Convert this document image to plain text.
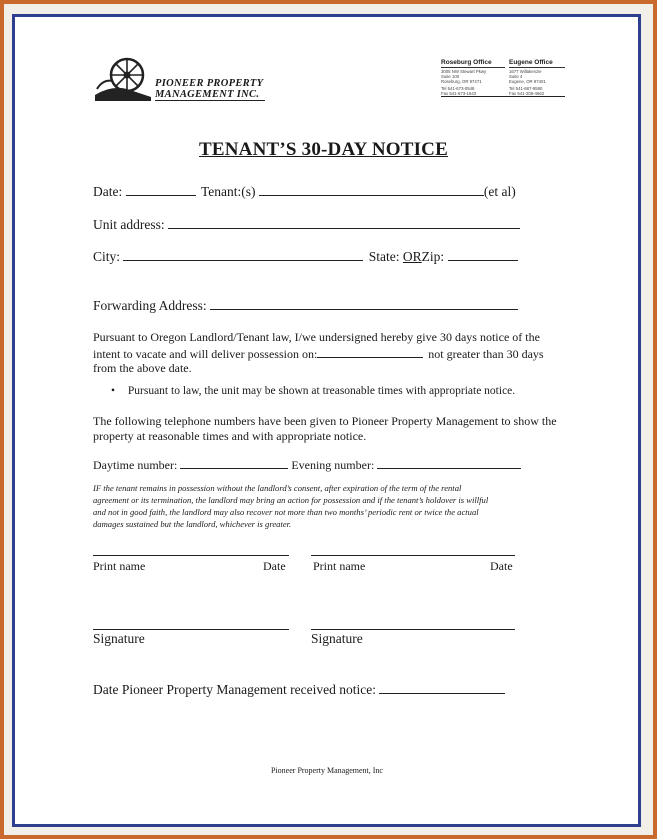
PIONEER PROPERTY
MANAGEMENT INC.
Roseburg Office
3005 NW Stewart Pkwy
Suite 100
Roseburg, OR 97471
Tel 541-673-0548
Fax 541-673-1843
Eugene Office
1677 Willakenzie
Suite 4
Eugene, OR 97401
Tel 541-687-9590
Fax 541-206-4662
TENANT’S 30-DAY NOTICE
Date:	Tenant:(s)	(et al)
Unit address:
City:	State: ORZip:
Forwarding Address:
Pursuant to Oregon Landlord/Tenant law, I/we undersigned hereby give 30 days notice of the
intent to vacate and will deliver possession on:	not greater than 30 days
from the above date.
• Pursuant to law, the unit may be shown at treasonable times with appropriate notice.
The following telephone numbers have been given to Pioneer Property Management to show the
property at reasonable times and with appropriate notice.
Daytime number:	Evening number:
IF the tenant remains in possession without the landlord’s consent, after expiration of the term of the rental
agreement or its termination, the landlord may bring an action for possession and if the tenant’s holdover is willful
and not in good faith, the landlord may also recover not more than two months’ periodic rent or twice the actual
damages sustained but the landlord, whichever is greater.
Print name	Date Print name	Date
Signature	Signature
Date Pioneer Property Management received notice:
Pioneer Property Management, Inc
